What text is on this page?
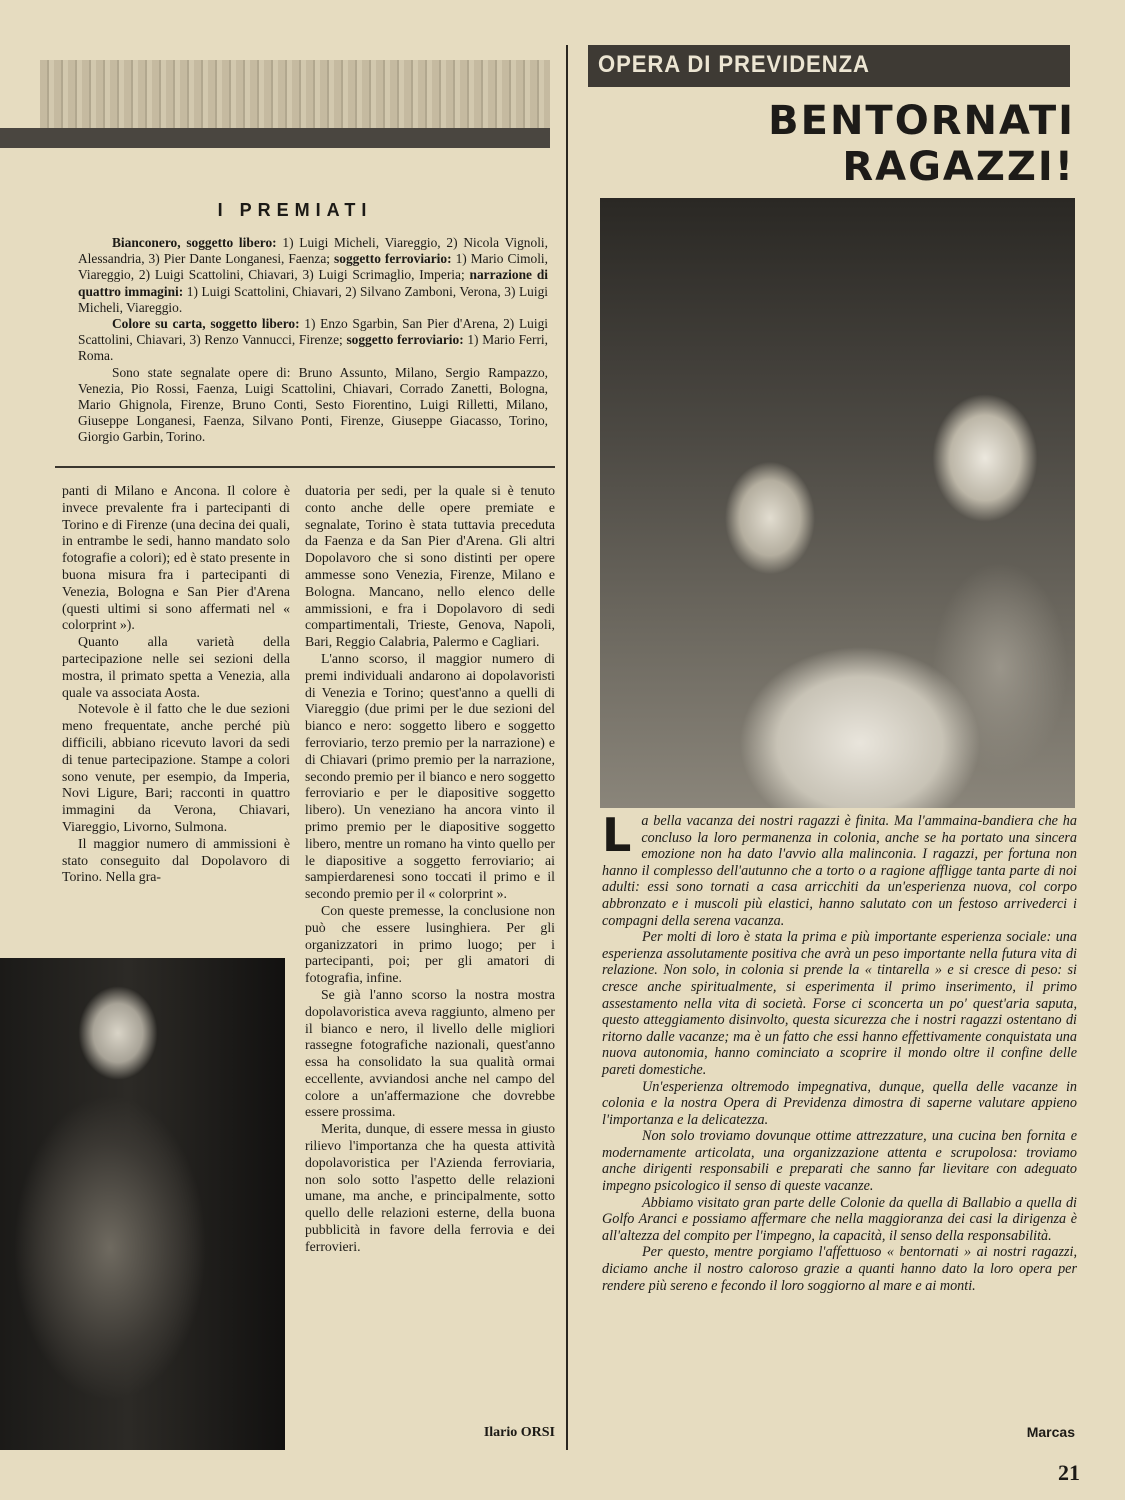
I PREMIATI

Bianconero, soggetto libero: 1) Luigi Micheli, Viareggio, 2) Nicola Vignoli, Alessandria, 3) Pier Dante Longanesi, Faenza; soggetto ferroviario: 1) Mario Cimoli, Viareggio, 2) Luigi Scattolini, Chiavari, 3) Luigi Scrimaglio, Imperia; narrazione di quattro immagini: 1) Luigi Scattolini, Chiavari, 2) Silvano Zamboni, Verona, 3) Luigi Micheli, Viareggio.

Colore su carta, soggetto libero: 1) Enzo Sgarbin, San Pier d'Arena, 2) Luigi Scattolini, Chiavari, 3) Renzo Vannucci, Firenze; soggetto ferroviario: 1) Mario Ferri, Roma.

Sono state segnalate opere di: Bruno Assunto, Milano, Sergio Rampazzo, Venezia, Pio Rossi, Faenza, Luigi Scattolini, Chiavari, Corrado Zanetti, Bologna, Mario Ghignola, Firenze, Bruno Conti, Sesto Fiorentino, Luigi Rilletti, Milano, Giuseppe Longanesi, Faenza, Silvano Ponti, Firenze, Giuseppe Giacasso, Torino, Giorgio Garbin, Torino.

panti di Milano e Ancona. Il colore è invece prevalente fra i partecipanti di Torino e di Firenze (una decina dei quali, in entrambe le sedi, hanno mandato solo fotografie a colori); ed è stato presente in buona misura fra i partecipanti di Venezia, Bologna e San Pier d'Arena (questi ultimi si sono affermati nel « colorprint »).

Quanto alla varietà della partecipazione nelle sei sezioni della mostra, il primato spetta a Venezia, alla quale va associata Aosta.

Notevole è il fatto che le due sezioni meno frequentate, anche perché più difficili, abbiano ricevuto lavori da sedi di tenue partecipazione. Stampe a colori sono venute, per esempio, da Imperia, Novi Ligure, Bari; racconti in quattro immagini da Verona, Chiavari, Viareggio, Livorno, Sulmona.

Il maggior numero di ammissioni è stato conseguito dal Dopolavoro di Torino. Nella gra-

duatoria per sedi, per la quale si è tenuto conto anche delle opere premiate e segnalate, Torino è stata tuttavia preceduta da Faenza e da San Pier d'Arena. Gli altri Dopolavoro che si sono distinti per opere ammesse sono Venezia, Firenze, Milano e Bologna. Mancano, nello elenco delle ammissioni, e fra i Dopolavoro di sedi compartimentali, Trieste, Genova, Napoli, Bari, Reggio Calabria, Palermo e Cagliari.

L'anno scorso, il maggior numero di premi individuali andarono ai dopolavoristi di Venezia e Torino; quest'anno a quelli di Viareggio (due primi per le due sezioni del bianco e nero: soggetto libero e soggetto ferroviario, terzo premio per la narrazione) e di Chiavari (primo premio per la narrazione, secondo premio per il bianco e nero soggetto ferroviario e per le diapositive soggetto libero). Un veneziano ha ancora vinto il primo premio per le diapositive soggetto libero, mentre un romano ha vinto quello per le diapositive a soggetto ferroviario; ai sampierdarenesi sono toccati il primo e il secondo premio per il « colorprint ».

Con queste premesse, la conclusione non può che essere lusinghiera. Per gli organizzatori in primo luogo; per i partecipanti, poi; per gli amatori di fotografia, infine.

Se già l'anno scorso la nostra mostra dopolavoristica aveva raggiunto, almeno per il bianco e nero, il livello delle migliori rassegne fotografiche nazionali, quest'anno essa ha consolidato la sua qualità ormai eccellente, avviandosi anche nel campo del colore a un'affermazione che dovrebbe essere prossima.

Merita, dunque, di essere messa in giusto rilievo l'importanza che ha questa attività dopolavoristica per l'Azienda ferroviaria, non solo sotto l'aspetto delle relazioni umane, ma anche, e principalmente, sotto quello delle relazioni esterne, della buona pubblicità in favore della ferrovia e dei ferrovieri.

Ilario ORSI
OPERA DI PREVIDENZA
BENTORNATI
RAGAZZI!

La bella vacanza dei nostri ragazzi è finita. Ma l'ammaina-bandiera che ha concluso la loro permanenza in colonia, anche se ha portato una sincera emozione non ha dato l'avvio alla malinconia. I ragazzi, per fortuna non hanno il complesso dell'autunno che a torto o a ragione affligge tanta parte di noi adulti: essi sono tornati a casa arricchiti da un'esperienza nuova, col corpo abbronzato e i muscoli più elastici, hanno salutato con un festoso arrivederci i compagni della serena vacanza.

Per molti di loro è stata la prima e più importante esperienza sociale: una esperienza assolutamente positiva che avrà un peso importante nella futura vita di relazione. Non solo, in colonia si prende la « tintarella » e si cresce di peso: si cresce anche spiritualmente, si esperimenta il primo inserimento, il primo assestamento nella vita di società. Forse ci sconcerta un po' quest'aria saputa, questo atteggiamento disinvolto, questa sicurezza che i nostri ragazzi ostentano di ritorno dalle vacanze; ma è un fatto che essi hanno effettivamente conquistata una nuova autonomia, hanno cominciato a scoprire il mondo oltre il confine delle pareti domestiche.

Un'esperienza oltremodo impegnativa, dunque, quella delle vacanze in colonia e la nostra Opera di Previdenza dimostra di saperne valutare appieno l'importanza e la delicatezza.

Non solo troviamo dovunque ottime attrezzature, una cucina ben fornita e modernamente articolata, una organizzazione attenta e scrupolosa: troviamo anche dirigenti responsabili e preparati che sanno far lievitare con adeguato impegno psicologico il senso di queste vacanze.

Abbiamo visitato gran parte delle Colonie da quella di Ballabio a quella di Golfo Aranci e possiamo affermare che nella maggioranza dei casi la dirigenza è all'altezza del compito per l'impegno, la capacità, il senso della responsabilità.

Per questo, mentre porgiamo l'affettuoso « bentornati » ai nostri ragazzi, diciamo anche il nostro caloroso grazie a quanti hanno dato la loro opera per rendere più sereno e fecondo il loro soggiorno al mare e ai monti.

Marcas
21
